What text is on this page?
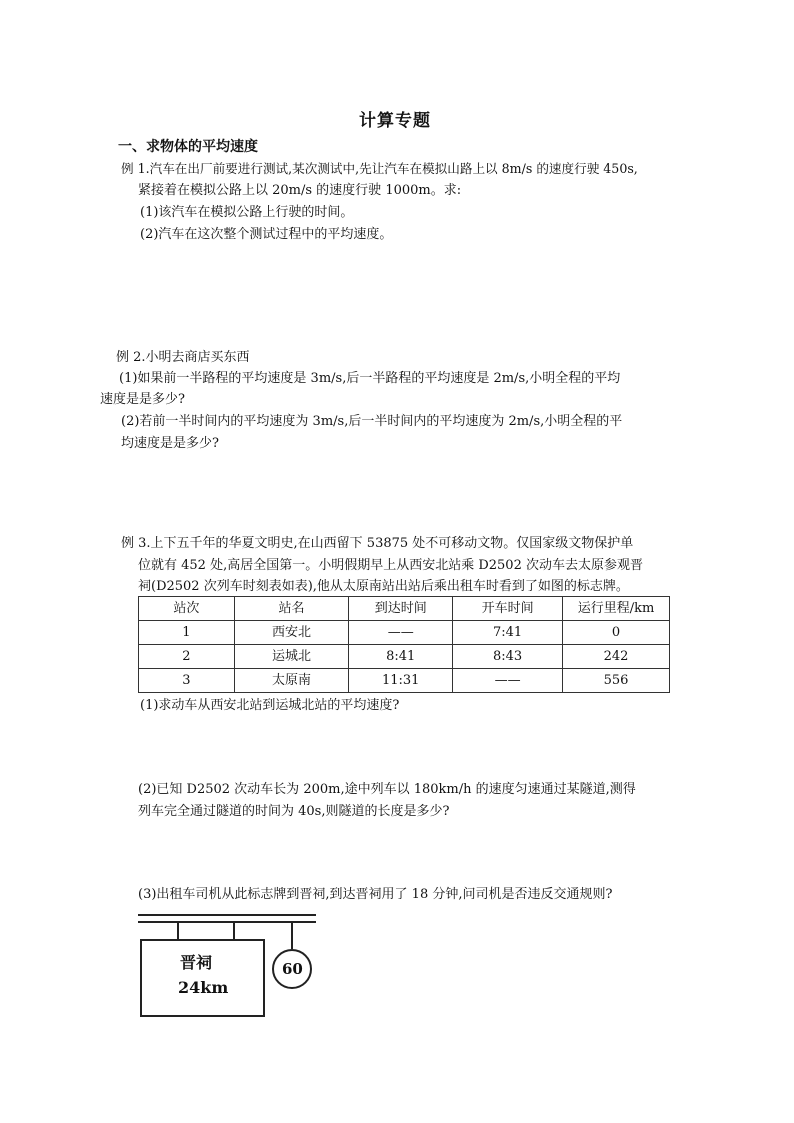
计算专题
一、求物体的平均速度
例 1.汽车在出厂前要进行测试,某次测试中,先让汽车在模拟山路上以 8m/s 的速度行驶 450s,
紧接着在模拟公路上以 20m/s 的速度行驶 1000m。求:
(1)该汽车在模拟公路上行驶的时间。
(2)汽车在这次整个测试过程中的平均速度。
例 2.小明去商店买东西
(1)如果前一半路程的平均速度是 3m/s,后一半路程的平均速度是 2m/s,小明全程的平均
速度是是多少?
(2)若前一半时间内的平均速度为 3m/s,后一半时间内的平均速度为 2m/s,小明全程的平
均速度是是多少?
例 3.上下五千年的华夏文明史,在山西留下 53875 处不可移动文物。仅国家级文物保护单
位就有 452 处,高居全国第一。小明假期早上从西安北站乘 D2502 次动车去太原参观晋
祠(D2502 次列车时刻表如表),他从太原南站出站后乘出租车时看到了如图的标志牌。
站次	站名	到达时间	开车时间	运行里程/km
1	西安北	——	7:41	0
2	运城北	8:41	8:43	242
3	太原南	11:31	——	556
(1)求动车从西安北站到运城北站的平均速度?
(2)已知 D2502 次动车长为 200m,途中列车以 180km/h 的速度匀速通过某隧道,测得
列车完全通过隧道的时间为 40s,则隧道的长度是多少?
(3)出租车司机从此标志牌到晋祠,到达晋祠用了 18 分钟,问司机是否违反交通规则?
晋祠
24km
60
